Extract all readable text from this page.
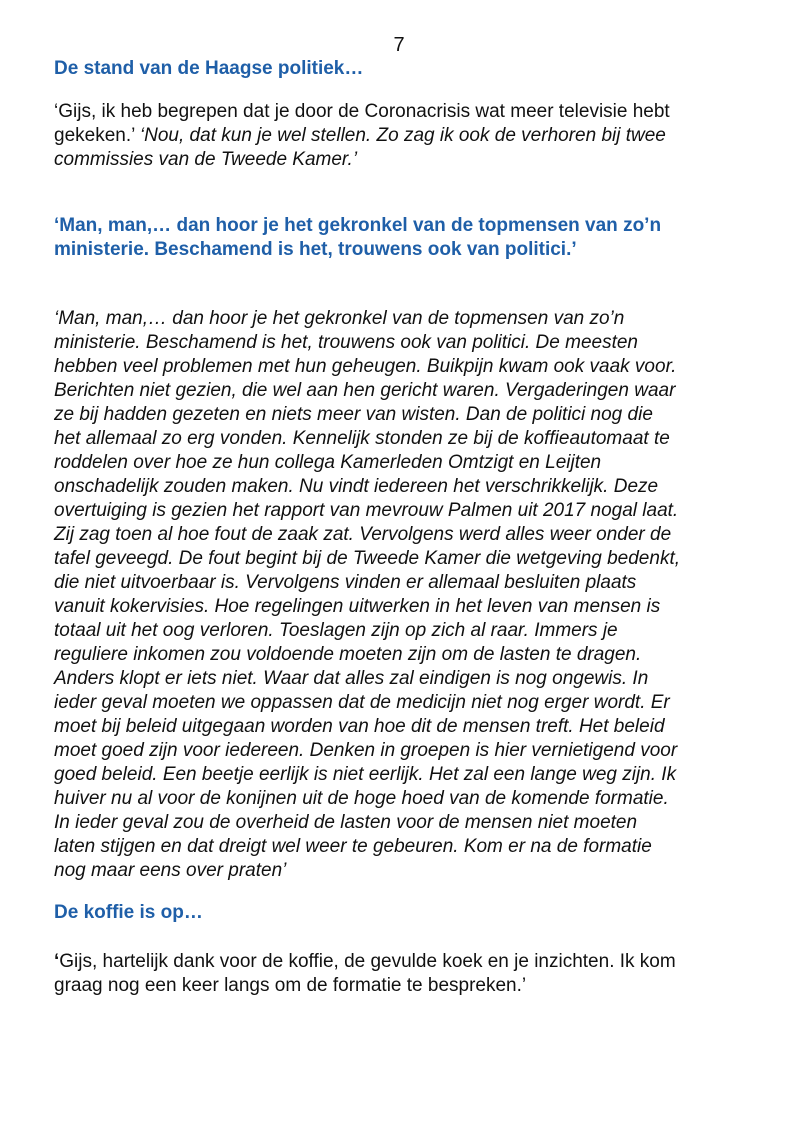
7
De stand van de Haagse politiek…

‘Gijs, ik heb begrepen dat je door de Coronacrisis wat meer televisie hebt
gekeken.’ ‘Nou, dat kun je wel stellen. Zo zag ik ook de verhoren bij twee
commissies van de Tweede Kamer.’

‘Man, man,… dan hoor je het gekronkel van de topmensen van zo’n
ministerie. Beschamend is het, trouwens ook van politici.’

‘Man, man,… dan hoor je het gekronkel van de topmensen van zo’n
ministerie. Beschamend is het, trouwens ook van politici. De meesten
hebben veel problemen met hun geheugen. Buikpijn kwam ook vaak voor.
Berichten niet gezien, die wel aan hen gericht waren. Vergaderingen waar
ze bij hadden gezeten en niets meer van wisten. Dan de politici nog die
het allemaal zo erg vonden. Kennelijk stonden ze bij de koffieautomaat te
roddelen over hoe ze hun collega Kamerleden Omtzigt en Leijten
onschadelijk zouden maken. Nu vindt iedereen het verschrikkelijk. Deze
overtuiging is gezien het rapport van mevrouw Palmen uit 2017 nogal laat.
Zij zag toen al hoe fout de zaak zat. Vervolgens werd alles weer onder de
tafel geveegd. De fout begint bij de Tweede Kamer die wetgeving bedenkt,
die niet uitvoerbaar is. Vervolgens vinden er allemaal besluiten plaats
vanuit kokervisies. Hoe regelingen uitwerken in het leven van mensen is
totaal uit het oog verloren. Toeslagen zijn op zich al raar. Immers je
reguliere inkomen zou voldoende moeten zijn om de lasten te dragen.
Anders klopt er iets niet. Waar dat alles zal eindigen is nog ongewis. In
ieder geval moeten we oppassen dat de medicijn niet nog erger wordt. Er
moet bij beleid uitgegaan worden van hoe dit de mensen treft. Het beleid
moet goed zijn voor iedereen. Denken in groepen is hier vernietigend voor
goed beleid. Een beetje eerlijk is niet eerlijk. Het zal een lange weg zijn. Ik
huiver nu al voor de konijnen uit de hoge hoed van de komende formatie.
In ieder geval zou de overheid de lasten voor de mensen niet moeten
laten stijgen en dat dreigt wel weer te gebeuren. Kom er na de formatie
nog maar eens over praten’

De koffie is op…

‘Gijs, hartelijk dank voor de koffie, de gevulde koek en je inzichten. Ik kom
graag nog een keer langs om de formatie te bespreken.’
